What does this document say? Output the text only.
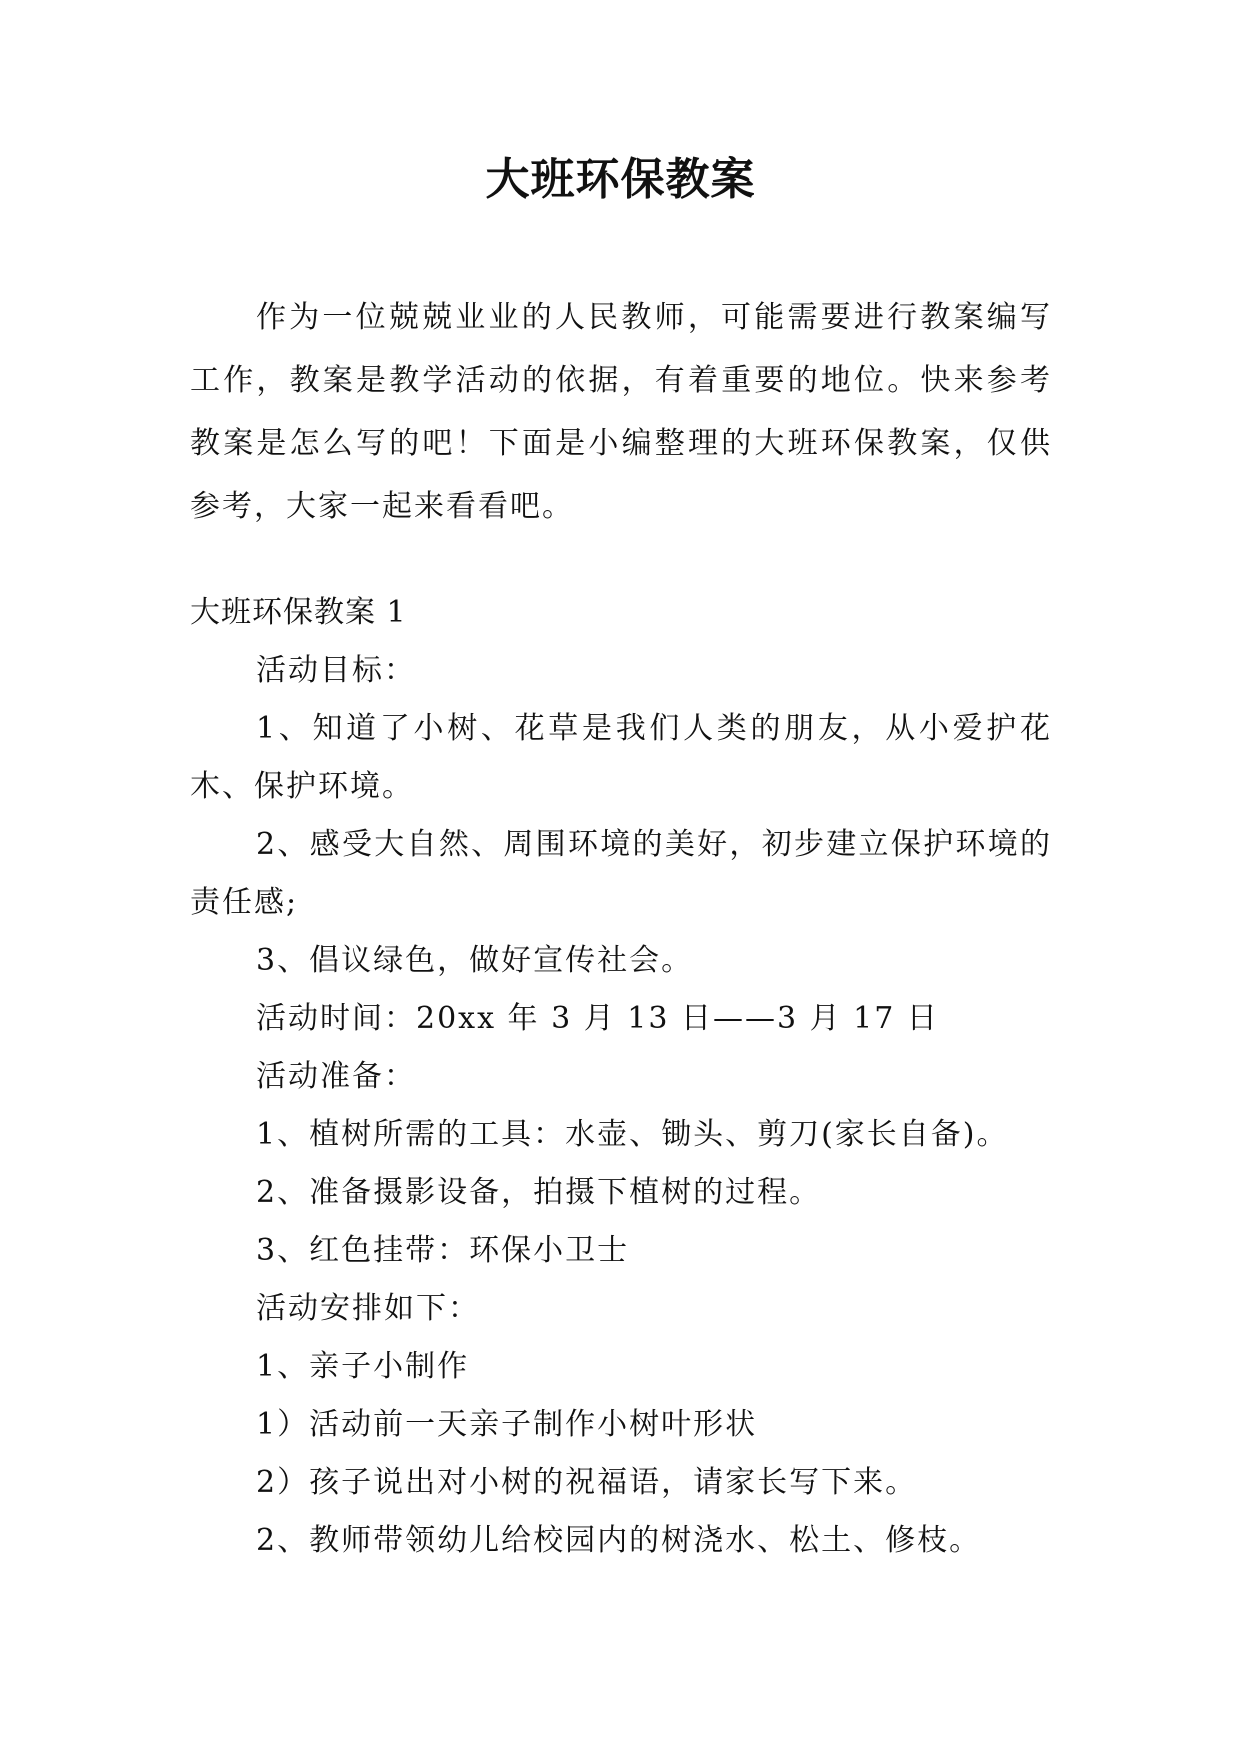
大班环保教案

作为一位兢兢业业的人民教师，可能需要进行教案编写工作，教案是教学活动的依据，有着重要的地位。快来参考教案是怎么写的吧！下面是小编整理的大班环保教案，仅供参考，大家一起来看看吧。

大班环保教案 1

活动目标：

1、知道了小树、花草是我们人类的朋友，从小爱护花木、保护环境。

2、感受大自然、周围环境的美好，初步建立保护环境的责任感;

3、倡议绿色，做好宣传社会。

活动时间：20xx 年 3 月 13 日——3 月 17 日

活动准备：

1、植树所需的工具：水壶、锄头、剪刀(家长自备)。

2、准备摄影设备，拍摄下植树的过程。

3、红色挂带：环保小卫士

活动安排如下：

1、亲子小制作

1）活动前一天亲子制作小树叶形状

2）孩子说出对小树的祝福语，请家长写下来。

2、教师带领幼儿给校园内的树浇水、松土、修枝。
